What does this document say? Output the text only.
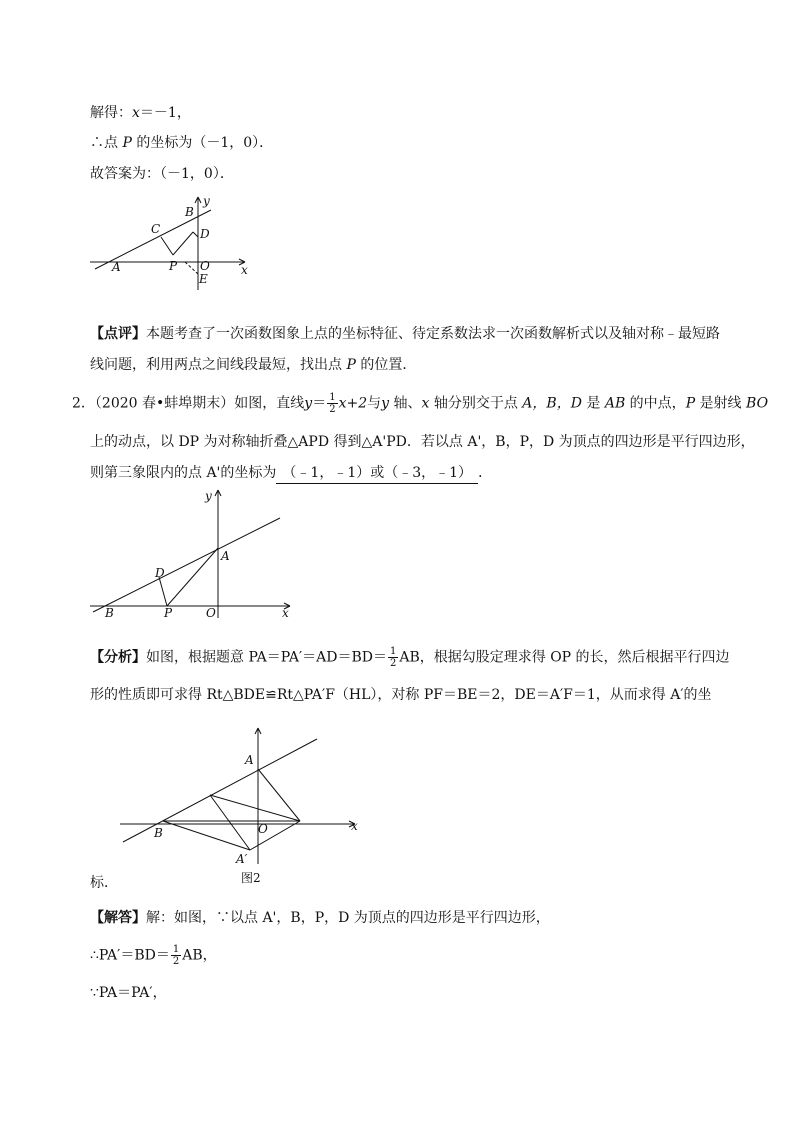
解得：x＝－1，
∴点 P 的坐标为（－1，0）．
故答案为：（－1，0）．
A
C
B
y
D
P O
E
x
【点评】本题考查了一次函数图象上点的坐标特征、待定系数法求一次函数解析式以及轴对称﹣最短路
线问题，利用两点之间线段最短，找出点 P 的位置．
2．（2020 春•蚌埠期末）如图，直线$y= \frac{1}{2} x+2$与y 轴、x 轴分别交于点 A，B，D 是 AB 的中点，P 是射线 BO
上的动点，以 DP 为对称轴折叠△APD 得到△A'PD．若以点 A'，B，P，D 为顶点的四边形是平行四边形，
则第三象限内的点 A'的坐标为 （﹣1，﹣1）或（﹣3，﹣1） ．
y
A
D
B	P	O	x
【分析】如图，根据题意 $PA=PA'=AD=BD= \frac{1}{2}$ AB，根据勾股定理求得 OP 的长，然后根据平行四边
形的性质即可求得 Rt△BDE≌Rt△PA′F（HL），对称 PF＝BE＝2，DE＝A′F＝1，从而求得 A′的坐
A
B	O
A′
x
图2
标．
【解答】解：如图，∵以点 A'，B，P，D 为顶点的四边形是平行四边形，
∴PA′＝BD＝ $\frac{1}{2}$ AB，
∵PA＝PA′，
